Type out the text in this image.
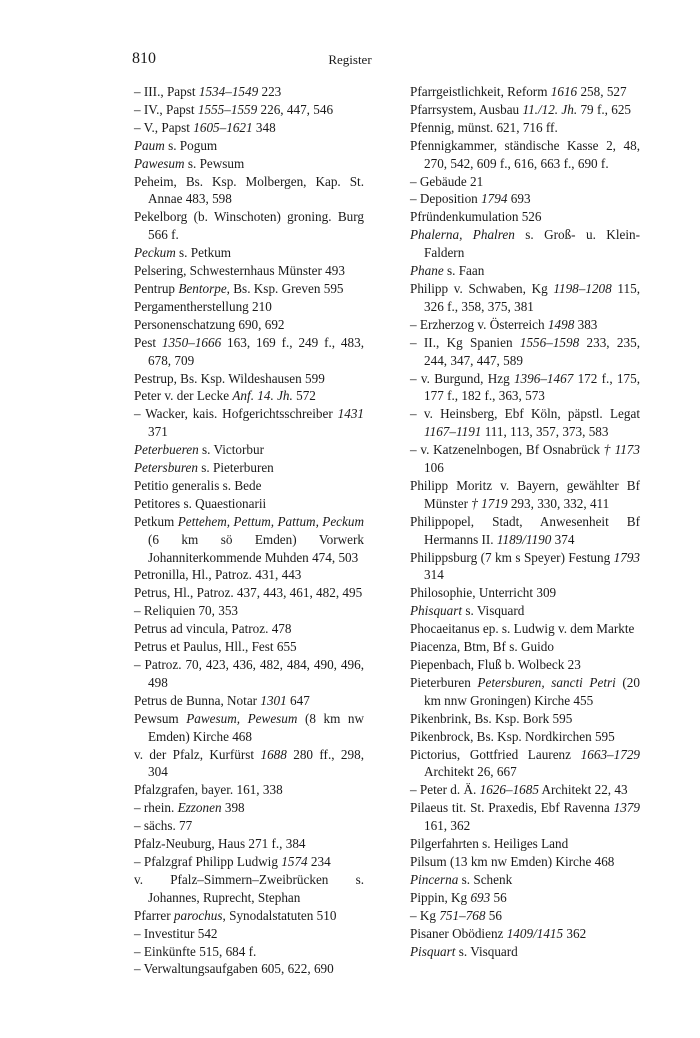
810	Register
– III., Papst 1534–1549 223
– IV., Papst 1555–1559 226, 447, 546
– V., Papst 1605–1621 348
Paum s. Pogum
Pawesum s. Pewsum
Peheim, Bs. Ksp. Molbergen, Kap. St. Annae 483, 598
Pekelborg (b. Winschoten) groning. Burg 566 f.
Peckum s. Petkum
Pelsering, Schwesternhaus Münster 493
Pentrup Bentorpe, Bs. Ksp. Greven 595
Pergamentherstellung 210
Personenschatzung 690, 692
Pest 1350–1666 163, 169 f., 249 f., 483, 678, 709
Pestrup, Bs. Ksp. Wildeshausen 599
Peter v. der Lecke Anf. 14. Jh. 572
– Wacker, kais. Hofgerichtsschreiber 1431 371
Peterbueren s. Victorbur
Petersburen s. Pieterburen
Petitio generalis s. Bede
Petitores s. Quaestionarii
Petkum Pettehem, Pettum, Pattum, Peckum (6 km sö Emden) Vorwerk Johanniterkommende Muhden 474, 503
Petronilla, Hl., Patroz. 431, 443
Petrus, Hl., Patroz. 437, 443, 461, 482, 495
– Reliquien 70, 353
Petrus ad vincula, Patroz. 478
Petrus et Paulus, Hll., Fest 655
– Patroz. 70, 423, 436, 482, 484, 490, 496, 498
Petrus de Bunna, Notar 1301 647
Pewsum Pawesum, Pewesum (8 km nw Emden) Kirche 468
v. der Pfalz, Kurfürst 1688 280 ff., 298, 304
Pfalzgrafen, bayer. 161, 338
– rhein. Ezzonen 398
– sächs. 77
Pfalz-Neuburg, Haus 271 f., 384
– Pfalzgraf Philipp Ludwig 1574 234
v. Pfalz–Simmern–Zweibrücken s. Johannes, Ruprecht, Stephan
Pfarrer parochus, Synodalstatuten 510
– Investitur 542
– Einkünfte 515, 684 f.
– Verwaltungsaufgaben 605, 622, 690
Pfarrgeistlichkeit, Reform 1616 258, 527
Pfarrsystem, Ausbau 11./12. Jh. 79 f., 625
Pfennig, münst. 621, 716 ff.
Pfennigkammer, ständische Kasse 2, 48, 270, 542, 609 f., 616, 663 f., 690 f.
– Gebäude 21
– Deposition 1794 693
Pfründenkumulation 526
Phalerna, Phalren s. Groß- u. Klein-Faldern
Phane s. Faan
Philipp v. Schwaben, Kg 1198–1208 115, 326 f., 358, 375, 381
– Erzherzog v. Österreich 1498 383
– II., Kg Spanien 1556–1598 233, 235, 244, 347, 447, 589
– v. Burgund, Hzg 1396–1467 172 f., 175, 177 f., 182 f., 363, 573
– v. Heinsberg, Ebf Köln, päpstl. Legat 1167–1191 111, 113, 357, 373, 583
– v. Katzenelnbogen, Bf Osnabrück † 1173 106
Philipp Moritz v. Bayern, gewählter Bf Münster † 1719 293, 330, 332, 411
Philippopel, Stadt, Anwesenheit Bf Hermanns II. 1189/1190 374
Philippsburg (7 km s Speyer) Festung 1793 314
Philosophie, Unterricht 309
Phisquart s. Visquard
Phocaeitanus ep. s. Ludwig v. dem Markte
Piacenza, Btm, Bf s. Guido
Piepenbach, Fluß b. Wolbeck 23
Pieterburen Petersburen, sancti Petri (20 km nnw Groningen) Kirche 455
Pikenbrink, Bs. Ksp. Bork 595
Pikenbrock, Bs. Ksp. Nordkirchen 595
Pictorius, Gottfried Laurenz 1663–1729 Architekt 26, 667
– Peter d. Ä. 1626–1685 Architekt 22, 43
Pilaeus tit. St. Praxedis, Ebf Ravenna 1379 161, 362
Pilgerfahrten s. Heiliges Land
Pilsum (13 km nw Emden) Kirche 468
Pincerna s. Schenk
Pippin, Kg 693 56
– Kg 751–768 56
Pisaner Obödienz 1409/1415 362
Pisquart s. Visquard
